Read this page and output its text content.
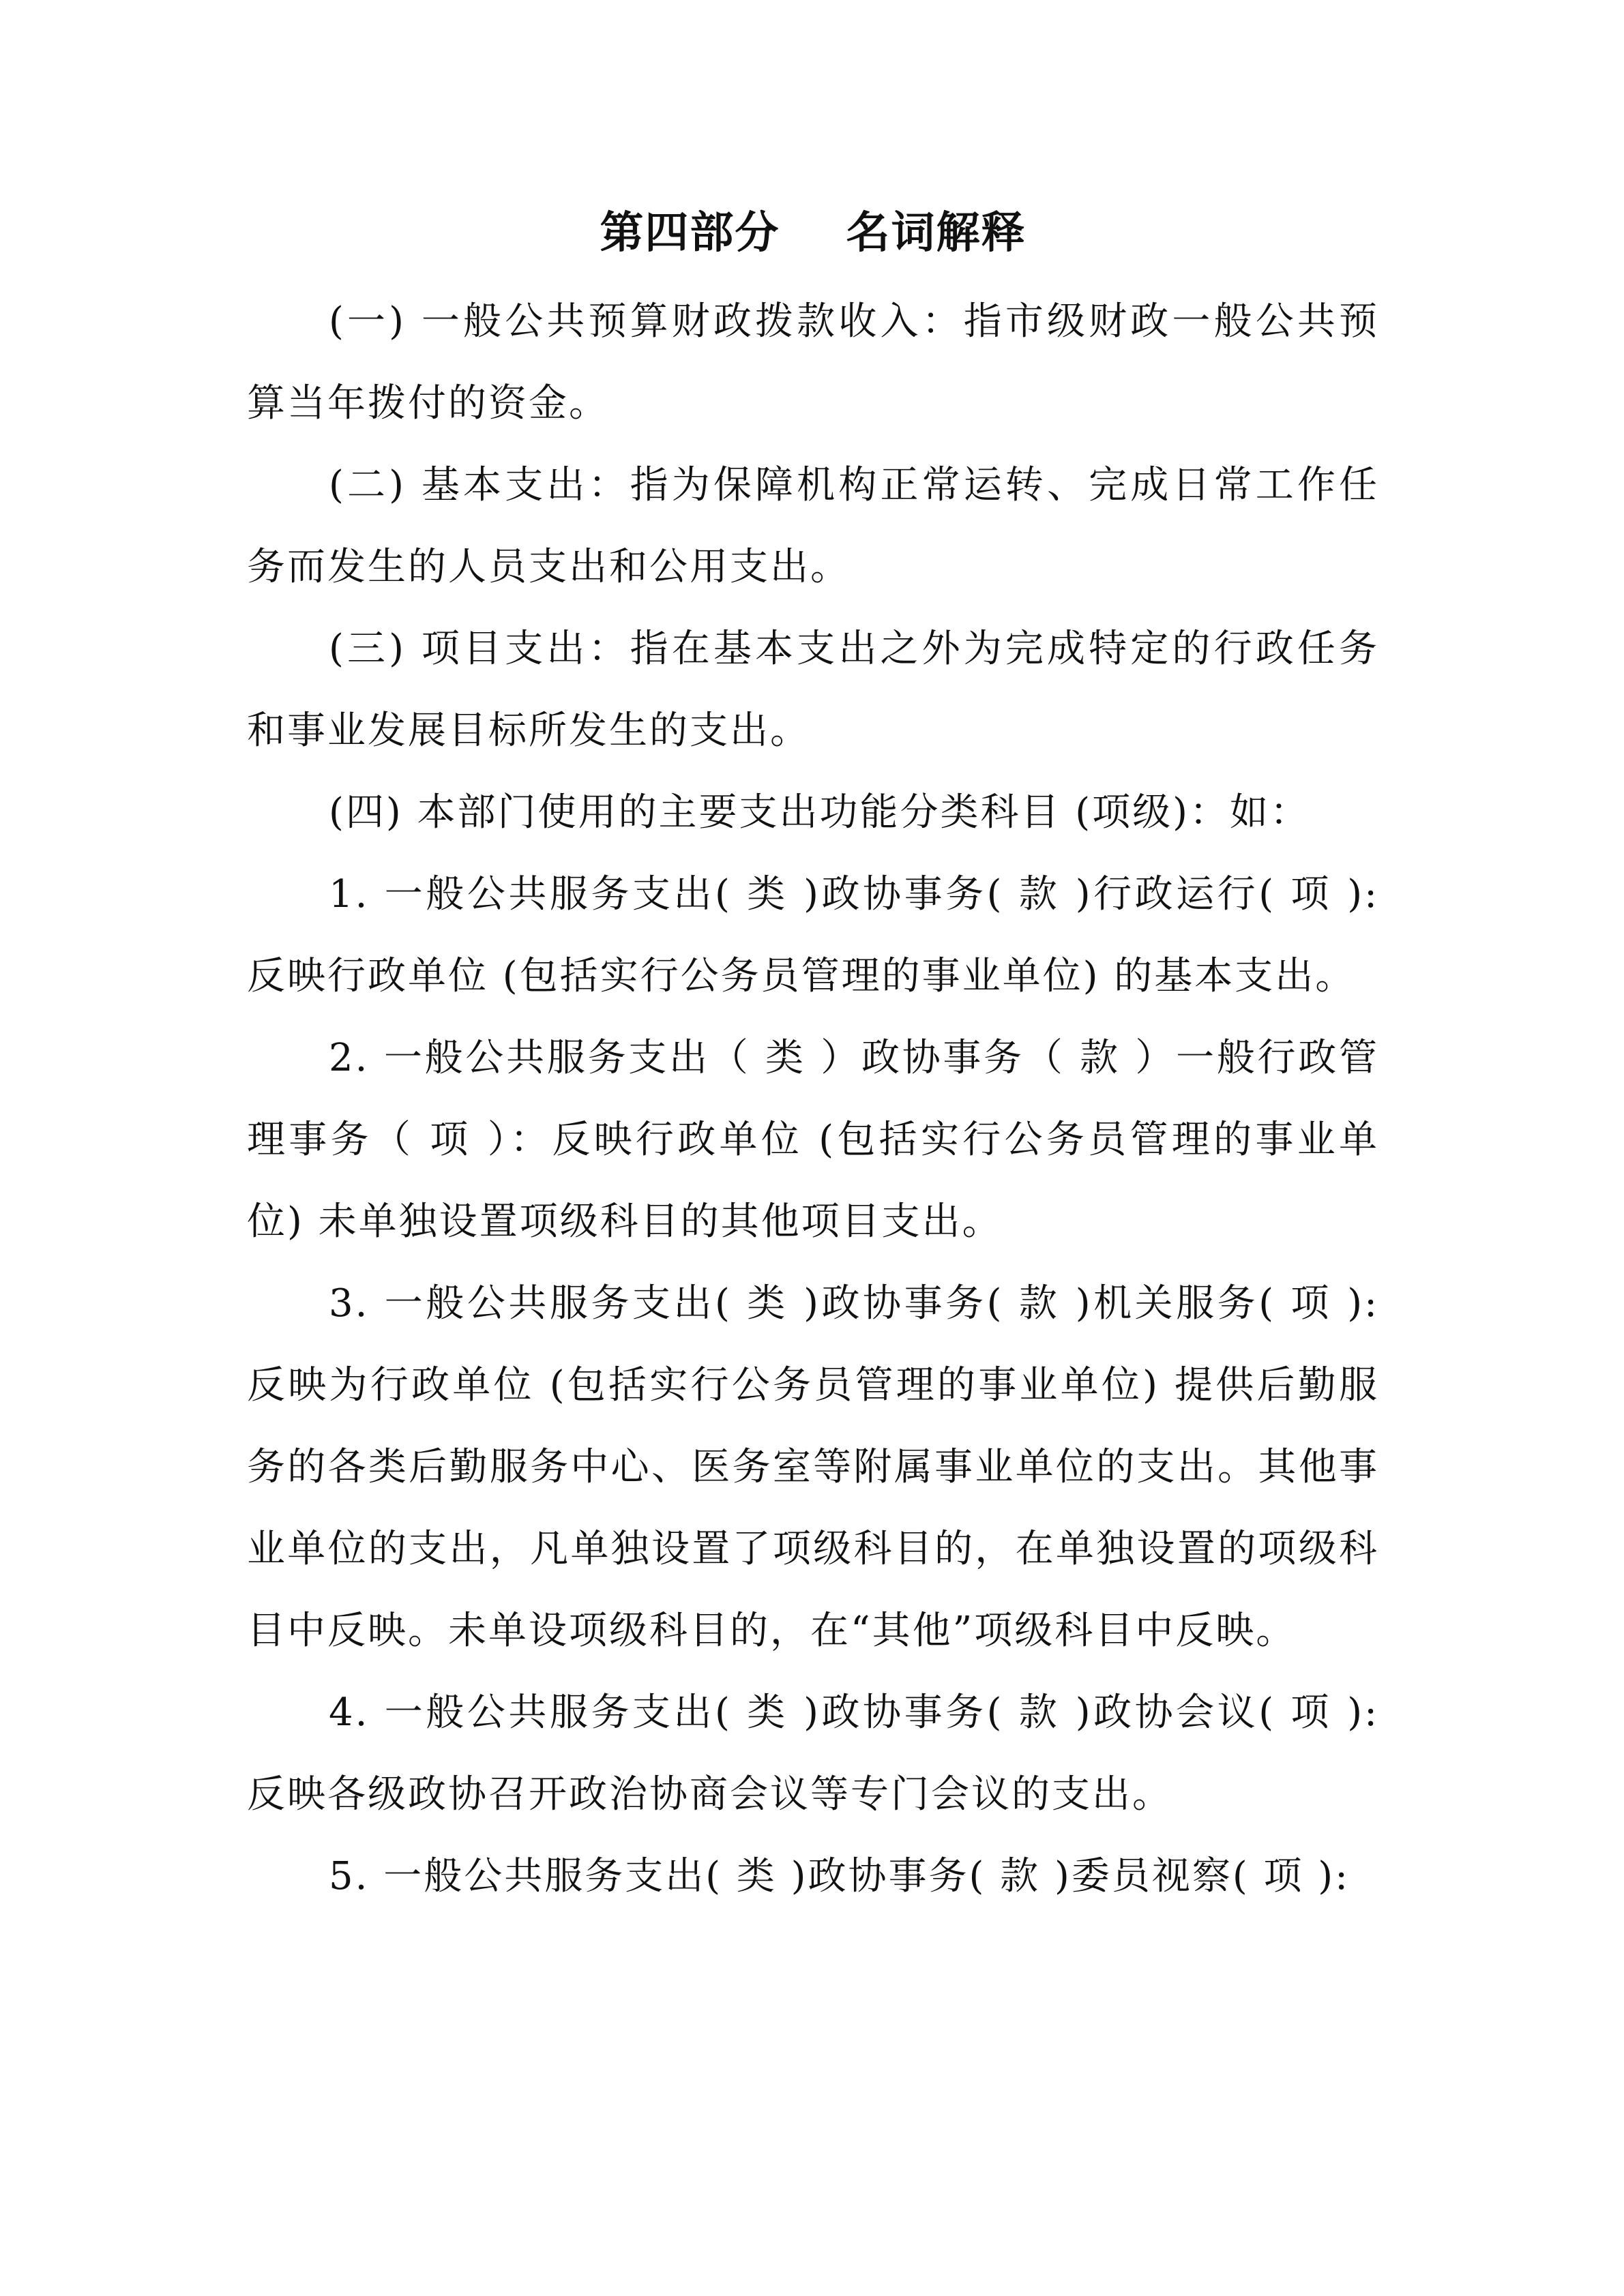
第四部分    名词解释

(一) 一般公共预算财政拨款收入：指市级财政一般公共预算当年拨付的资金。

(二) 基本支出：指为保障机构正常运转、完成日常工作任务而发生的人员支出和公用支出。

(三) 项目支出：指在基本支出之外为完成特定的行政任务和事业发展目标所发生的支出。

(四) 本部门使用的主要支出功能分类科目 (项级)：如：

1. 一般公共服务支出( 类 )政协事务( 款 )行政运行( 项 ): 反映行政单位 (包括实行公务员管理的事业单位) 的基本支出。

2. 一般公共服务支出（ 类 ）政协事务（ 款 ）一般行政管理事务（ 项 ）：反映行政单位 (包括实行公务员管理的事业单位) 未单独设置项级科目的其他项目支出。

3. 一般公共服务支出( 类 )政协事务( 款 )机关服务( 项 ): 反映为行政单位 (包括实行公务员管理的事业单位) 提供后勤服务的各类后勤服务中心、医务室等附属事业单位的支出。其他事业单位的支出，凡单独设置了项级科目的，在单独设置的项级科目中反映。未单设项级科目的，在“其他”项级科目中反映。

4. 一般公共服务支出( 类 )政协事务( 款 )政协会议( 项 ): 反映各级政协召开政治协商会议等专门会议的支出。

5. 一般公共服务支出( 类 )政协事务( 款 )委员视察( 项 ):
